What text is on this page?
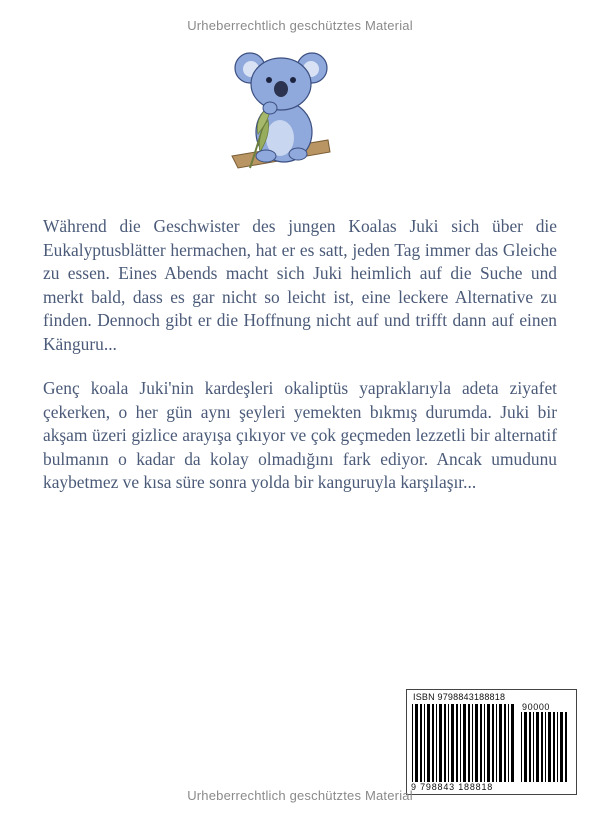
Urheberrechtlich geschütztes Material
Während die Geschwister des jungen Koalas Juki sich über die Eukalyptusblätter hermachen, hat er es satt, jeden Tag immer das Gleiche zu essen. Eines Abends macht sich Juki heimlich auf die Suche und merkt bald, dass es gar nicht so leicht ist, eine leckere Alternative zu finden. Dennoch gibt er die Hoffnung nicht auf und trifft dann auf einen Känguru...
Genç koala Juki'nin kardeşleri okaliptüs yapraklarıyla adeta ziyafet çekerken, o her gün aynı şeyleri yemekten bıkmış durumda. Juki bir akşam üzeri gizlice arayışa çıkıyor ve çok geçmeden lezzetli bir alternatif bulmanın o kadar da kolay olmadığını fark ediyor. Ancak umudunu kaybetmez ve kısa süre sonra yolda bir kanguruyla karşılaşır...
ISBN 9798843188818
90000
9 798843 188818
Urheberrechtlich geschütztes Material
